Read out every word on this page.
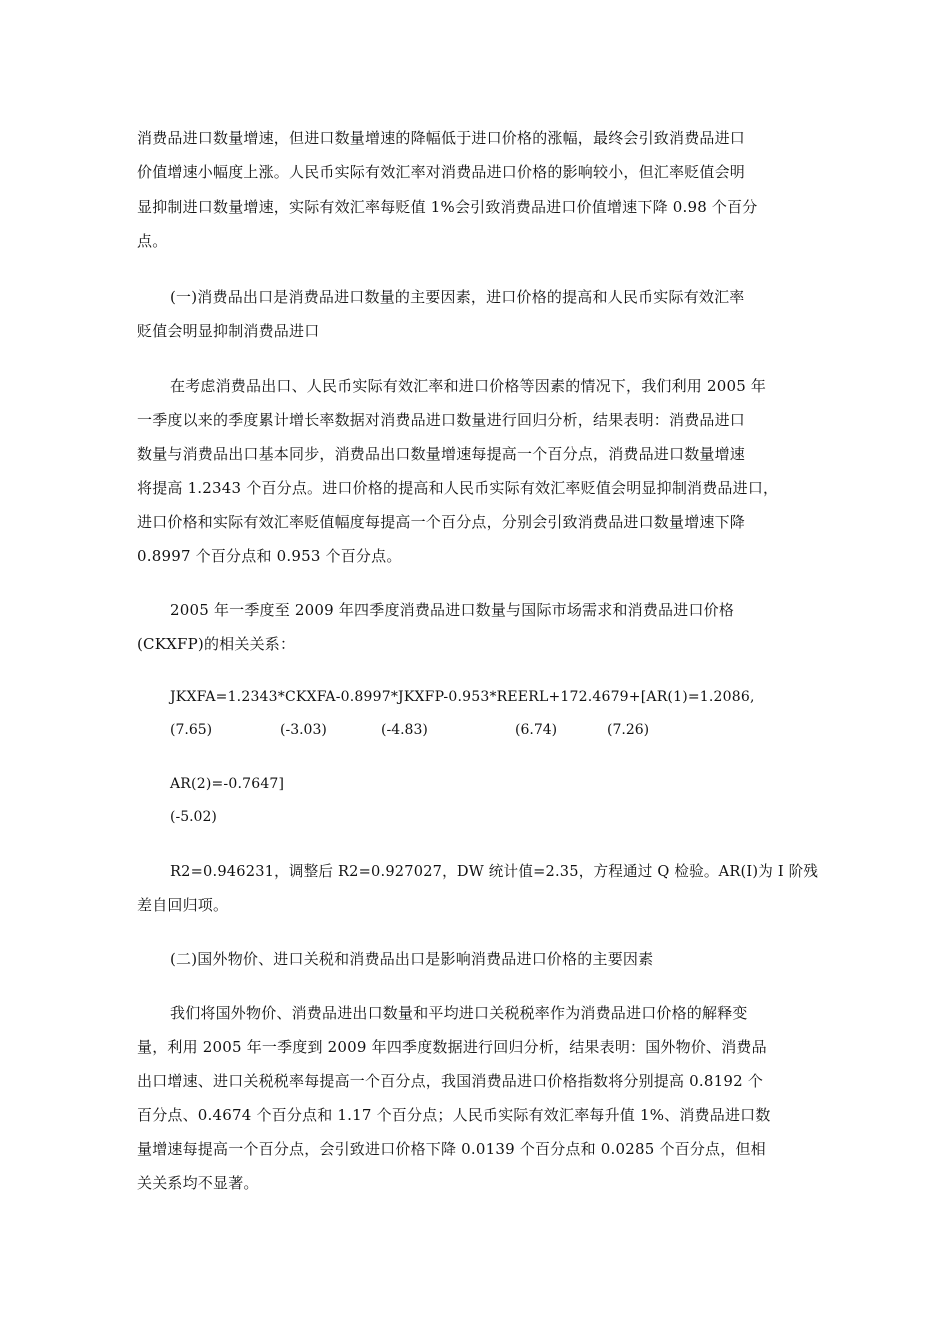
消费品进口数量增速，但进口数量增速的降幅低于进口价格的涨幅，最终会引致消费品进口
价值增速小幅度上涨。人民币实际有效汇率对消费品进口价格的影响较小，但汇率贬值会明
显抑制进口数量增速，实际有效汇率每贬值 1%会引致消费品进口价值增速下降 0.98 个百分
点。
(一)消费品出口是消费品进口数量的主要因素，进口价格的提高和人民币实际有效汇率
贬值会明显抑制消费品进口
在考虑消费品出口、人民币实际有效汇率和进口价格等因素的情况下，我们利用 2005 年
一季度以来的季度累计增长率数据对消费品进口数量进行回归分析，结果表明：消费品进口
数量与消费品出口基本同步，消费品出口数量增速每提高一个百分点，消费品进口数量增速
将提高 1.2343 个百分点。进口价格的提高和人民币实际有效汇率贬值会明显抑制消费品进口，
进口价格和实际有效汇率贬值幅度每提高一个百分点，分别会引致消费品进口数量增速下降
0.8997 个百分点和 0.953 个百分点。
2005 年一季度至 2009 年四季度消费品进口数量与国际市场需求和消费品进口价格
(CKXFP)的相关关系：
JKXFA=1.2343*CKXFA-0.8997*JKXFP-0.953*REERL+172.4679+[AR(1)=1.2086,
(7.65)	(-3.03)	(-4.83)	(6.74)	(7.26)
AR(2)=-0.7647]
(-5.02)
R2=0.946231，调整后 R2=0.927027，DW 统计值=2.35，方程通过 Q 检验。AR(I)为 I 阶残
差自回归项。
(二)国外物价、进口关税和消费品出口是影响消费品进口价格的主要因素
我们将国外物价、消费品进出口数量和平均进口关税税率作为消费品进口价格的解释变
量，利用 2005 年一季度到 2009 年四季度数据进行回归分析，结果表明：国外物价、消费品
出口增速、进口关税税率每提高一个百分点，我国消费品进口价格指数将分别提高 0.8192 个
百分点、0.4674 个百分点和 1.17 个百分点；人民币实际有效汇率每升值 1%、消费品进口数
量增速每提高一个百分点，会引致进口价格下降 0.0139 个百分点和 0.0285 个百分点，但相
关关系均不显著。
